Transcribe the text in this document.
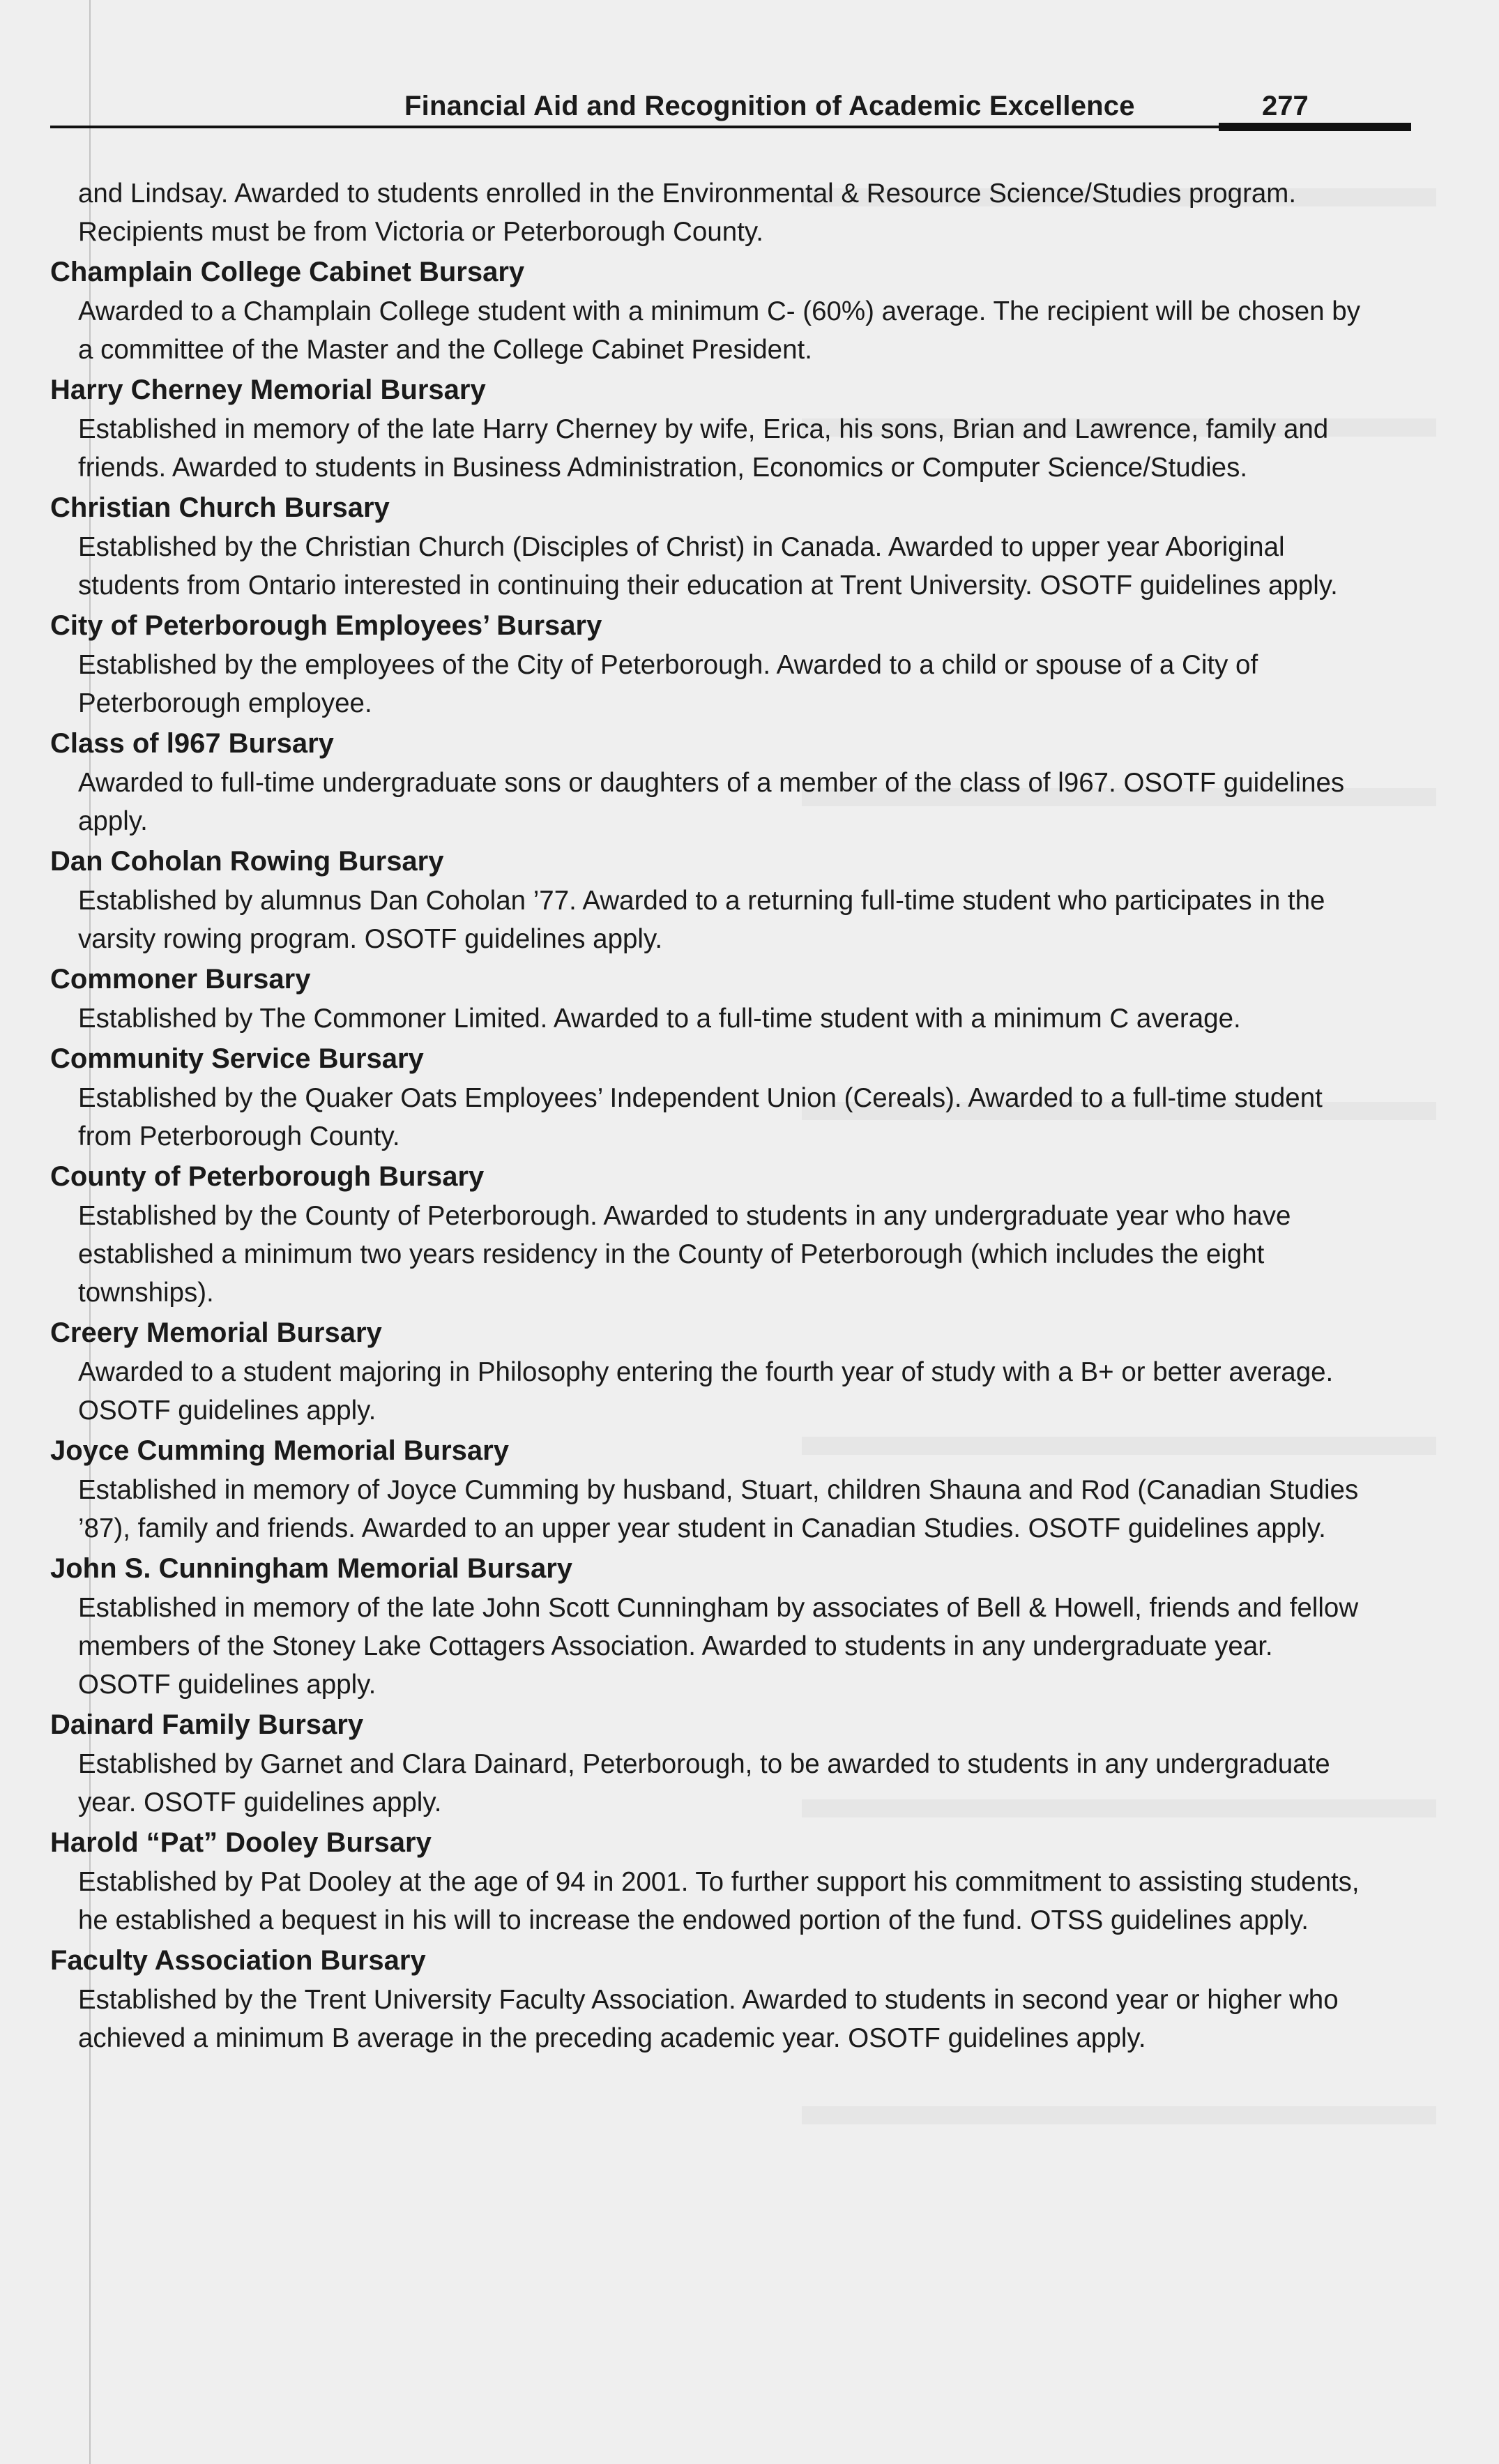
Financial Aid and Recognition of Academic Excellence	277

and Lindsay. Awarded to students enrolled in the Environmental & Resource Science/Studies program. Recipients must be from Victoria or Peterborough County.

Champlain College Cabinet Bursary

Awarded to a Champlain College student with a minimum C- (60%) average. The recipient will be chosen by a committee of the Master and the College Cabinet President.

Harry Cherney Memorial Bursary

Established in memory of the late Harry Cherney by wife, Erica, his sons, Brian and Lawrence, family and friends. Awarded to students in Business Administration, Economics or Computer Science/Studies.

Christian Church Bursary

Established by the Christian Church (Disciples of Christ) in Canada. Awarded to upper year Aboriginal students from Ontario interested in continuing their education at Trent University. OSOTF guidelines apply.

City of Peterborough Employees’ Bursary

Established by the employees of the City of Peterborough. Awarded to a child or spouse of a City of Peterborough employee.

Class of l967 Bursary

Awarded to full-time undergraduate sons or daughters of a member of the class of l967. OSOTF guidelines apply.

Dan Coholan Rowing Bursary

Established by alumnus Dan Coholan ’77. Awarded to a returning full-time student who participates in the varsity rowing program. OSOTF guidelines apply.

Commoner Bursary

Established by The Commoner Limited. Awarded to a full-time student with a minimum C average.

Community Service Bursary

Established by the Quaker Oats Employees’ Independent Union (Cereals). Awarded to a full-time student from Peterborough County.

County of Peterborough Bursary

Established by the County of Peterborough. Awarded to students in any undergraduate year who have established a minimum two years residency in the County of Peterborough (which includes the eight townships).

Creery Memorial Bursary

Awarded to a student majoring in Philosophy entering the fourth year of study with a B+ or better average. OSOTF guidelines apply.

Joyce Cumming Memorial Bursary

Established in memory of Joyce Cumming by husband, Stuart, children Shauna and Rod (Canadian Studies ’87), family and friends. Awarded to an upper year student in Canadian Studies. OSOTF guidelines apply.

John S. Cunningham Memorial Bursary

Established in memory of the late John Scott Cunningham by associates of Bell & Howell, friends and fellow members of the Stoney Lake Cottagers Association. Awarded to students in any undergraduate year. OSOTF guidelines apply.

Dainard Family Bursary

Established by Garnet and Clara Dainard, Peterborough, to be awarded to students in any undergraduate year. OSOTF guidelines apply.

Harold “Pat” Dooley Bursary

Established by Pat Dooley at the age of 94 in 2001. To further support his commitment to assisting students, he established a bequest in his will to increase the endowed portion of the fund. OTSS guidelines apply.

Faculty Association Bursary

Established by the Trent University Faculty Association. Awarded to students in second year or higher who achieved a minimum B average in the preceding academic year. OSOTF guidelines apply.
